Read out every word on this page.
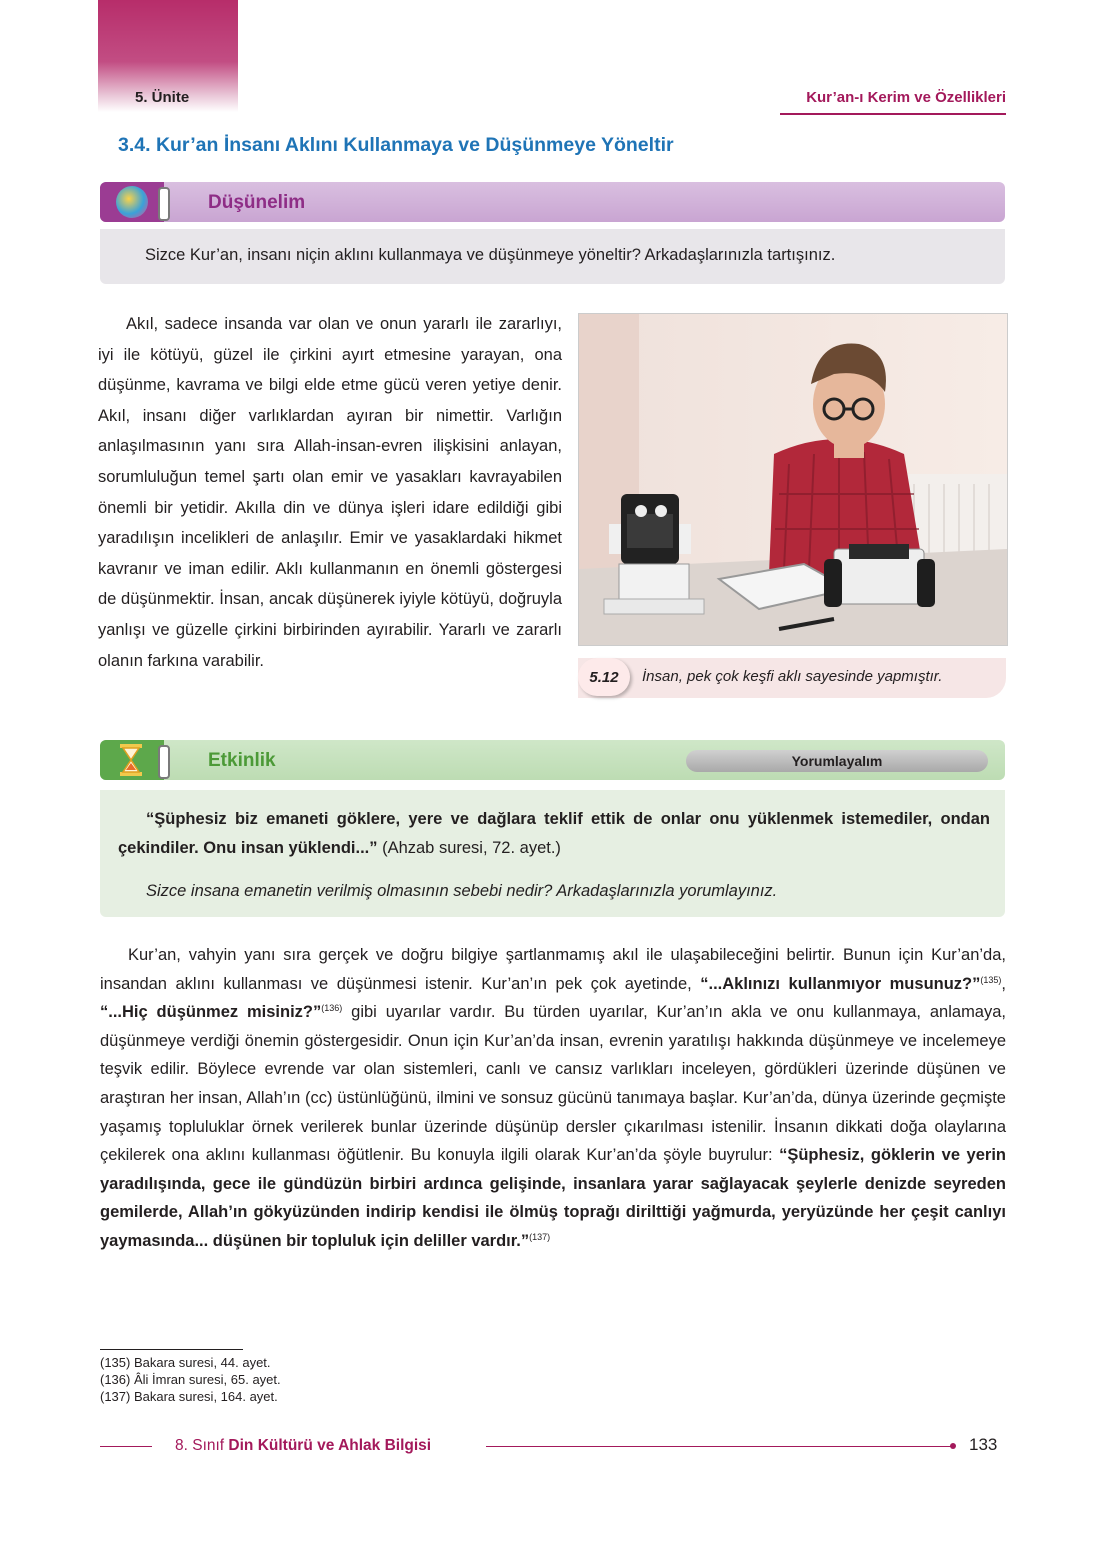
5. Ünite	Kur’an-ı Kerim ve Özellikleri
3.4. Kur’an İnsanı Aklını Kullanmaya ve Düşünmeye Yöneltir
Düşünelim
Sizce Kur’an, insanı niçin aklını kullanmaya ve düşünmeye yöneltir? Arkadaşlarınızla tartışınız.
Akıl, sadece insanda var olan ve onun yararlı ile zararlıyı, iyi ile kötüyü, güzel ile çirkini ayırt etmesine yarayan, ona düşünme, kavrama ve bilgi elde etme gücü veren yetiye denir. Akıl, insanı diğer varlıklardan ayıran bir nimettir. Varlığın anlaşılmasının yanı sıra Allah-insan-evren ilişkisini anlayan, sorumluluğun temel şartı olan emir ve yasakları kavrayabilen önemli bir yetidir. Akılla din ve dünya işleri idare edildiği gibi yaradılışın incelikleri de anlaşılır. Emir ve yasaklardaki hikmet kavranır ve iman edilir. Aklı kullanmanın en önemli göstergesi de düşünmektir. İnsan, ancak düşünerek iyiyle kötüyü, doğruyla yanlışı ve güzelle çirkini birbirinden ayırabilir. Yararlı ve zararlı olanın farkına varabilir.
5.12	İnsan, pek çok keşfi aklı sayesinde yapmıştır.
Etkinlik	Yorumlayalım
“Şüphesiz biz emaneti göklere, yere ve dağlara teklif ettik de onlar onu yüklenmek istemediler, ondan çekindiler. Onu insan yüklendi...” (Ahzab suresi, 72. ayet.)
Sizce insana emanetin verilmiş olmasının sebebi nedir? Arkadaşlarınızla yorumlayınız.
Kur’an, vahyin yanı sıra gerçek ve doğru bilgiye şartlanmamış akıl ile ulaşabileceğini belirtir. Bunun için Kur’an’da, insandan aklını kullanması ve düşünmesi istenir. Kur’an’ın pek çok ayetinde, “...Aklınızı kullanmıyor musunuz?”$^{(135)}$, “...Hiç düşünmez misiniz?”$^{(136)}$ gibi uyarılar vardır. Bu türden uyarılar, Kur’an’ın akla ve onu kullanmaya, anlamaya, düşünmeye verdiği önemin göstergesidir. Onun için Kur’an’da insan, evrenin yaratılışı hakkında düşünmeye ve incelemeye teşvik edilir. Böylece evrende var olan sistemleri, canlı ve cansız varlıkları inceleyen, gördükleri üzerinde düşünen ve araştıran her insan, Allah’ın (cc) üstünlüğünü, ilmini ve sonsuz gücünü tanımaya başlar. Kur’an’da, dünya üzerinde geçmişte yaşamış topluluklar örnek verilerek bunlar üzerinde düşünüp dersler çıkarılması istenilir. İnsanın dikkati doğa olaylarına çekilerek ona aklını kullanması öğütlenir. Bu konuyla ilgili olarak Kur’an’da şöyle buyrulur: “Şüphesiz, göklerin ve yerin yaradılışında, gece ile gündüzün birbiri ardınca gelişinde, insanlara yarar sağlayacak şeylerle denizde seyreden gemilerde, Allah’ın gökyüzünden indirip kendisi ile ölmüş toprağı dirilttiği yağmurda, yeryüzünde her çeşit canlıyı yaymasında... düşünen bir topluluk için deliller vardır.”$^{(137)}$
(135) Bakara suresi, 44. ayet.
(136) Âli İmran suresi, 65. ayet.
(137) Bakara suresi, 164. ayet.
8. Sınıf Din Kültürü ve Ahlak Bilgisi	133
